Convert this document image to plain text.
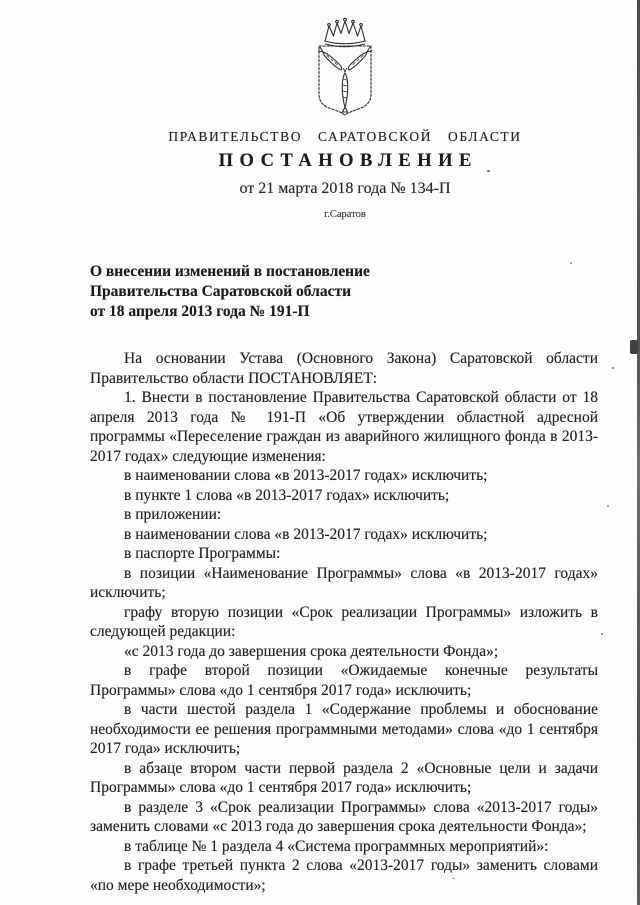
ПРАВИТЕЛЬСТВО САРАТОВСКОЙ ОБЛАСТИ
ПОСТАНОВЛЕНИЕ
от 21 марта 2018 года № 134-П
г.Саратов
О внесении изменений в постановление
Правительства Саратовской области
от 18 апреля 2013 года № 191-П

На основании Устава (Основного Закона) Саратовской области Правительство области ПОСТАНОВЛЯЕТ:

1. Внести в постановление Правительства Саратовской области от 18 апреля 2013 года № 191-П «Об утверждении областной адресной программы «Переселение граждан из аварийного жилищного фонда в 2013-2017 годах» следующие изменения:

в наименовании слова «в 2013-2017 годах» исключить;

в пункте 1 слова «в 2013-2017 годах» исключить;

в приложении:

в наименовании слова «в 2013-2017 годах» исключить;

в паспорте Программы:

в позиции «Наименование Программы» слова «в 2013-2017 годах» исключить;

графу вторую позиции «Срок реализации Программы» изложить в следующей редакции:

«с 2013 года до завершения срока деятельности Фонда»;

в графе второй позиции «Ожидаемые конечные результаты Программы» слова «до 1 сентября 2017 года» исключить;

в части шестой раздела 1 «Содержание проблемы и обоснование необходимости ее решения программными методами» слова «до 1 сентября 2017 года» исключить;

в абзаце втором части первой раздела 2 «Основные цели и задачи Программы» слова «до 1 сентября 2017 года» исключить;

в разделе 3 «Срок реализации Программы» слова «2013-2017 годы» заменить словами «с 2013 года до завершения срока деятельности Фонда»;

в таблице № 1 раздела 4 «Система программных мероприятий»:

в графе третьей пункта 2 слова «2013-2017 годы» заменить словами «по мере необходимости»;
